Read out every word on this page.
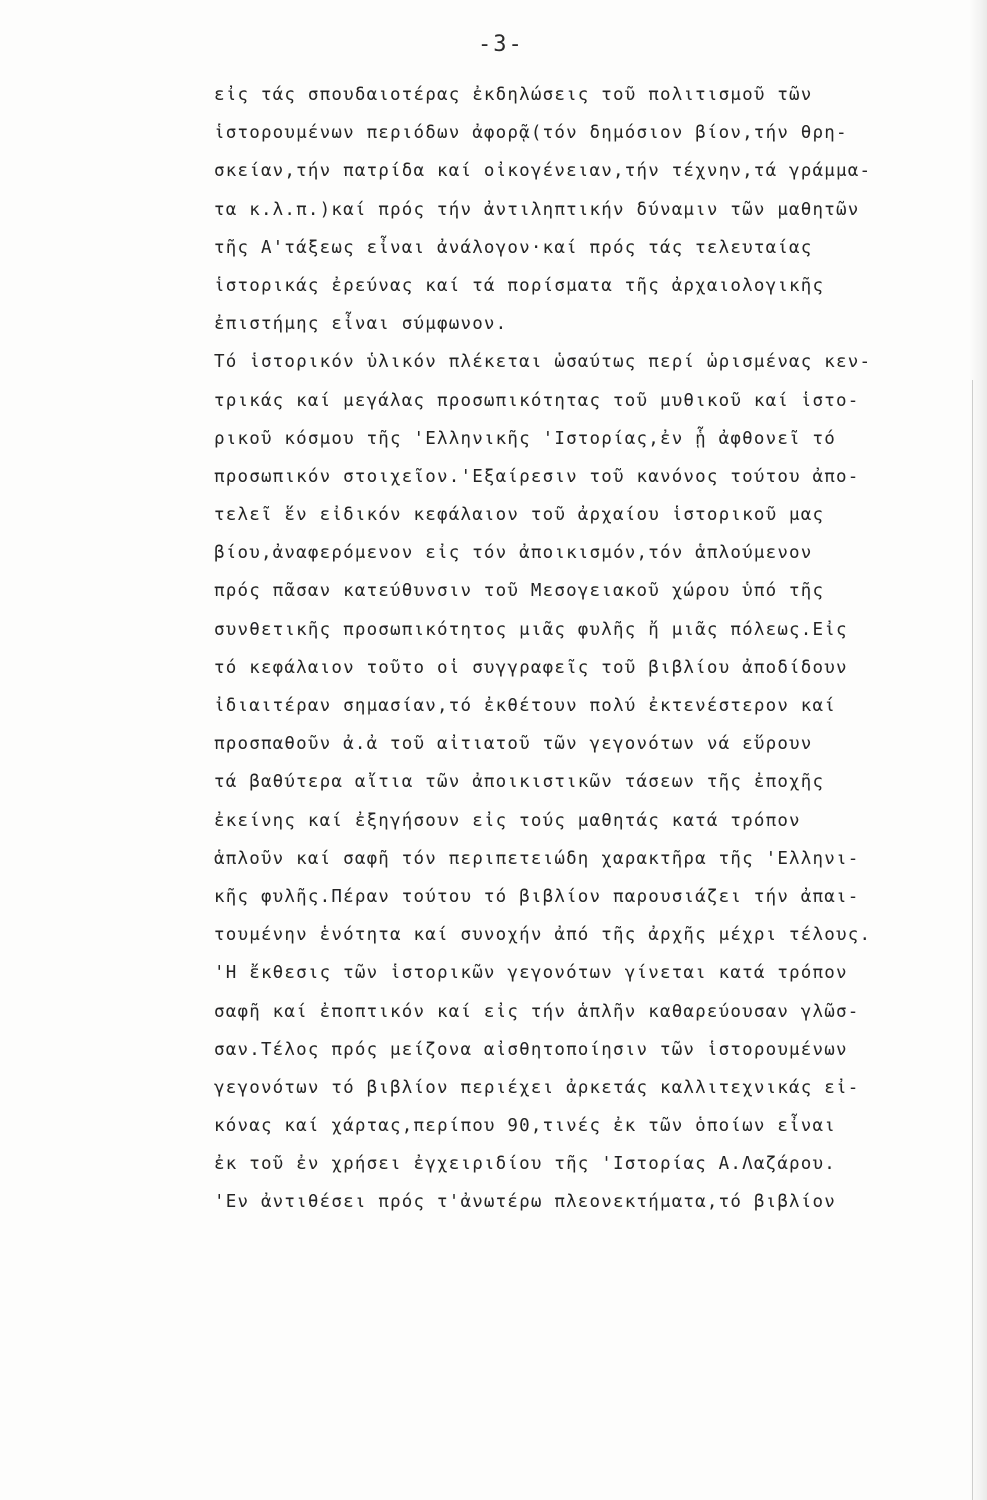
-3-
εἰς τάς σπουδαιοτέρας ἐκδηλώσεις τοῦ πολιτισμοῦ τῶν
ἱστορουμένων περιόδων ἀφορᾷ(τόν δημόσιον βίον,τήν θρη-
σκείαν,τήν πατρίδα καί οἰκογένειαν,τήν τέχνην,τά γράμμα-
τα κ.λ.π.)καί πρός τήν ἀντιληπτικήν δύναμιν τῶν μαθητῶν
τῆς Α'τάξεως εἶναι ἀνάλογον·καί πρός τάς τελευταίας
ἱστορικάς ἐρεύνας καί τά πορίσματα τῆς ἀρχαιολογικῆς
ἐπιστήμης εἶναι σύμφωνον.
Τό ἱστορικόν ὑλικόν πλέκεται ὡσαύτως περί ὡρισμένας κεν-
τρικάς καί μεγάλας προσωπικότητας τοῦ μυθικοῦ καί ἱστο-
ρικοῦ κόσμου τῆς 'Ελληνικῆς 'Ιστορίας,ἐν ᾗ ἀφθονεῖ τό
προσωπικόν στοιχεῖον.'Εξαίρεσιν τοῦ κανόνος τούτου ἀπο-
τελεῖ ἕν εἰδικόν κεφάλαιον τοῦ ἀρχαίου ἱστορικοῦ μας
βίου,ἀναφερόμενον εἰς τόν ἀποικισμόν,τόν ἁπλούμενον
πρός πᾶσαν κατεύθυνσιν τοῦ Μεσογειακοῦ χώρου ὑπό τῆς
συνθετικῆς προσωπικότητος μιᾶς φυλῆς ἤ μιᾶς πόλεως.Εἰς
τό κεφάλαιον τοῦτο οἱ συγγραφεῖς τοῦ βιβλίου ἀποδίδουν
ἰδιαιτέραν σημασίαν,τό ἐκθέτουν πολύ ἐκτενέστερον καί
προσπαθοῦν ἀ.ἀ τοῦ αἰτιατοῦ τῶν γεγονότων νά εὕρουν
τά βαθύτερα αἴτια τῶν ἀποικιστικῶν τάσεων τῆς ἐποχῆς
ἐκείνης καί ἐξηγήσουν εἰς τούς μαθητάς κατά τρόπον
ἁπλοῦν καί σαφῆ τόν περιπετειώδη χαρακτῆρα τῆς 'Ελληνι-
κῆς φυλῆς.Πέραν τούτου τό βιβλίον παρουσιάζει τήν ἀπαι-
τουμένην ἑνότητα καί συνοχήν ἀπό τῆς ἀρχῆς μέχρι τέλους.
'Η ἔκθεσις τῶν ἱστορικῶν γεγονότων γίνεται κατά τρόπον
σαφῆ καί ἐποπτικόν καί εἰς τήν ἁπλῆν καθαρεύουσαν γλῶσ-
σαν.Τέλος πρός μείζονα αἰσθητοποίησιν τῶν ἱστορουμένων
γεγονότων τό βιβλίον περιέχει ἀρκετάς καλλιτεχνικάς εἰ-
κόνας καί χάρτας,περίπου 90,τινές ἐκ τῶν ὁποίων εἶναι
ἐκ τοῦ ἐν χρήσει ἐγχειριδίου τῆς 'Ιστορίας Α.Λαζάρου.
'Εν ἀντιθέσει πρός τ'ἀνωτέρω πλεονεκτήματα,τό βιβλίον
